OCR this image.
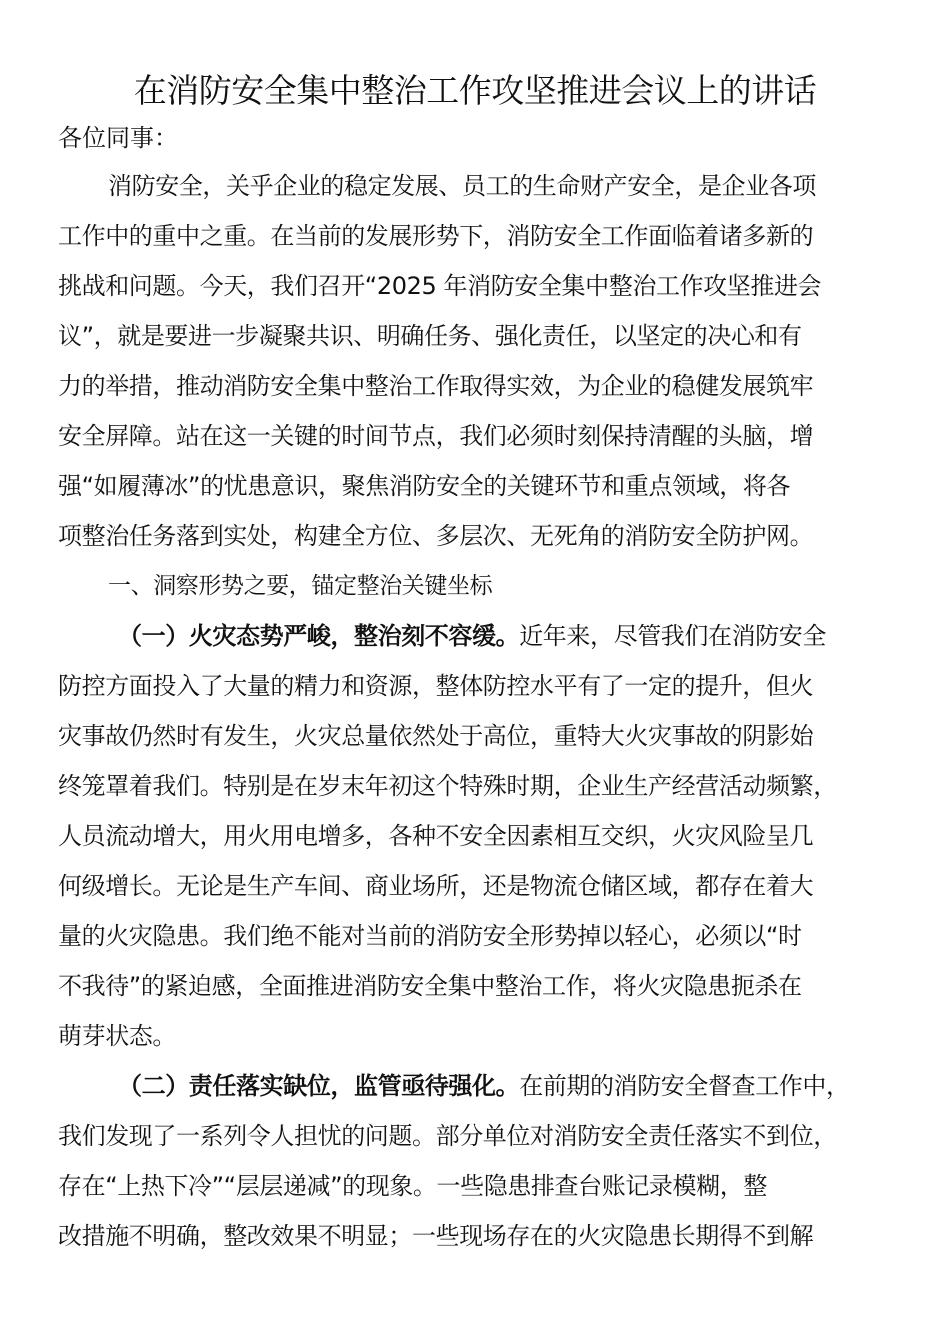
在消防安全集中整治工作攻坚推进会议上的讲话
各位同事：
消防安全，关乎企业的稳定发展、员工的生命财产安全，是企业各项
工作中的重中之重。在当前的发展形势下，消防安全工作面临着诸多新的
挑战和问题。今天，我们召开“2025 年消防安全集中整治工作攻坚推进会
议”，就是要进一步凝聚共识、明确任务、强化责任，以坚定的决心和有
力的举措，推动消防安全集中整治工作取得实效，为企业的稳健发展筑牢
安全屏障。站在这一关键的时间节点，我们必须时刻保持清醒的头脑，增
强“如履薄冰”的忧患意识，聚焦消防安全的关键环节和重点领域，将各
项整治任务落到实处，构建全方位、多层次、无死角的消防安全防护网。
一、洞察形势之要，锚定整治关键坐标
（一）火灾态势严峻，整治刻不容缓。近年来，尽管我们在消防安全
防控方面投入了大量的精力和资源，整体防控水平有了一定的提升，但火
灾事故仍然时有发生，火灾总量依然处于高位，重特大火灾事故的阴影始
终笼罩着我们。特别是在岁末年初这个特殊时期，企业生产经营活动频繁，
人员流动增大，用火用电增多，各种不安全因素相互交织，火灾风险呈几
何级增长。无论是生产车间、商业场所，还是物流仓储区域，都存在着大
量的火灾隐患。我们绝不能对当前的消防安全形势掉以轻心，必须以“时
不我待”的紧迫感，全面推进消防安全集中整治工作，将火灾隐患扼杀在
萌芽状态。
（二）责任落实缺位，监管亟待强化。在前期的消防安全督查工作中，
我们发现了一系列令人担忧的问题。部分单位对消防安全责任落实不到位，
存在“上热下冷”“层层递减”的现象。一些隐患排查台账记录模糊，整
改措施不明确，整改效果不明显；一些现场存在的火灾隐患长期得不到解
